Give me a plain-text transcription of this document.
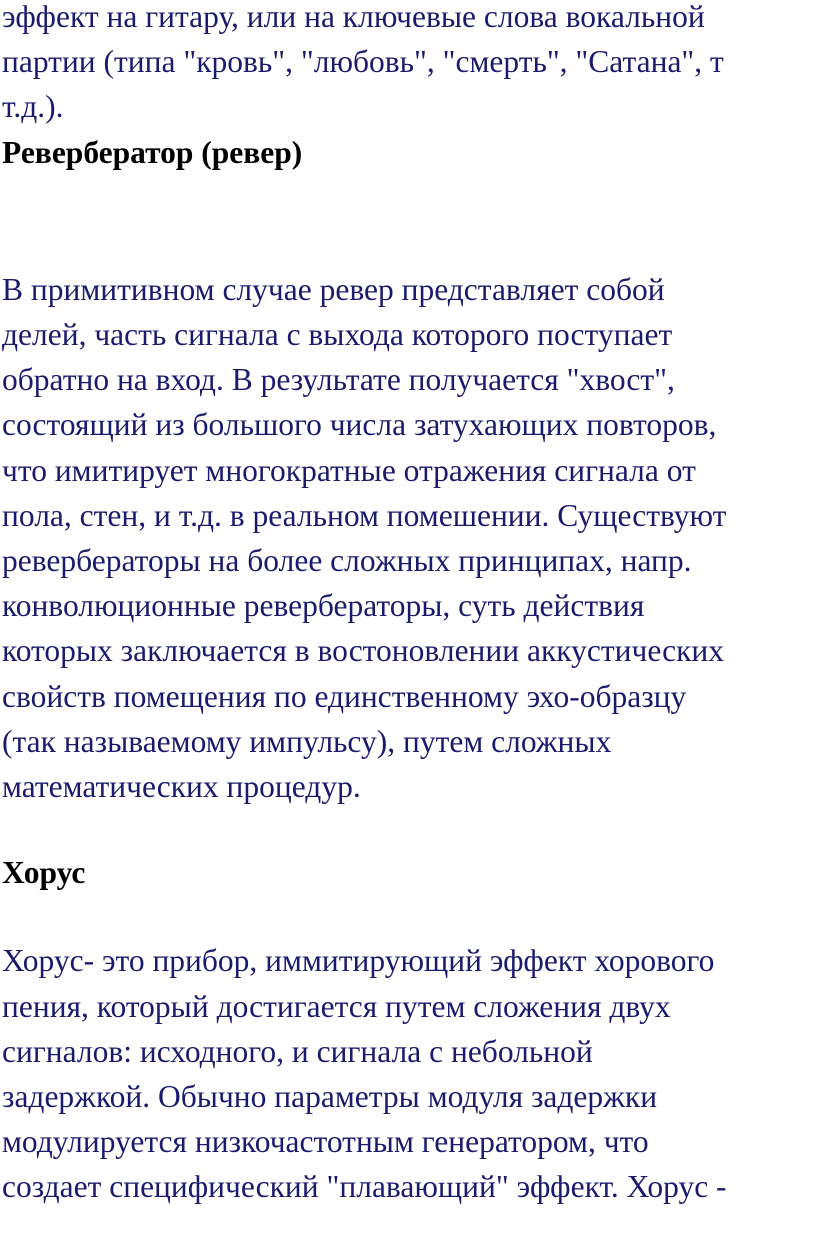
эффект на гитару, или на ключевые слова вокальной
партии (типа "кровь", "любовь", "смерть", "Сатана", т
т.д.).

Ревербератор (ревер)

В примитивном случае ревер представляет собой
делей, часть сигнала с выхода которого поступает
обратно на вход. В результате получается "хвост",
состоящий из большого числа затухающих повторов,
что имитирует многократные отражения сигнала от
пола, стен, и т.д. в реальном помешении. Существуют
ревербераторы на более сложных принципах, напр.
конволюционные ревербераторы, суть действия
которых заключается в востоновлении аккустических
свойств помещения по единственному эхо-образцу
(так называемому импульсу), путем сложных
математических процедур.

Хорус

Хорус- это прибор, иммитирующий эффект хорового
пения, который достигается путем сложения двух
сигналов: исходного, и сигнала с небольной
задержкой. Обычно параметры модуля задержки
модулируется низкочастотным генератором, что
создает специфический "плавающий" эффект. Хорус -
